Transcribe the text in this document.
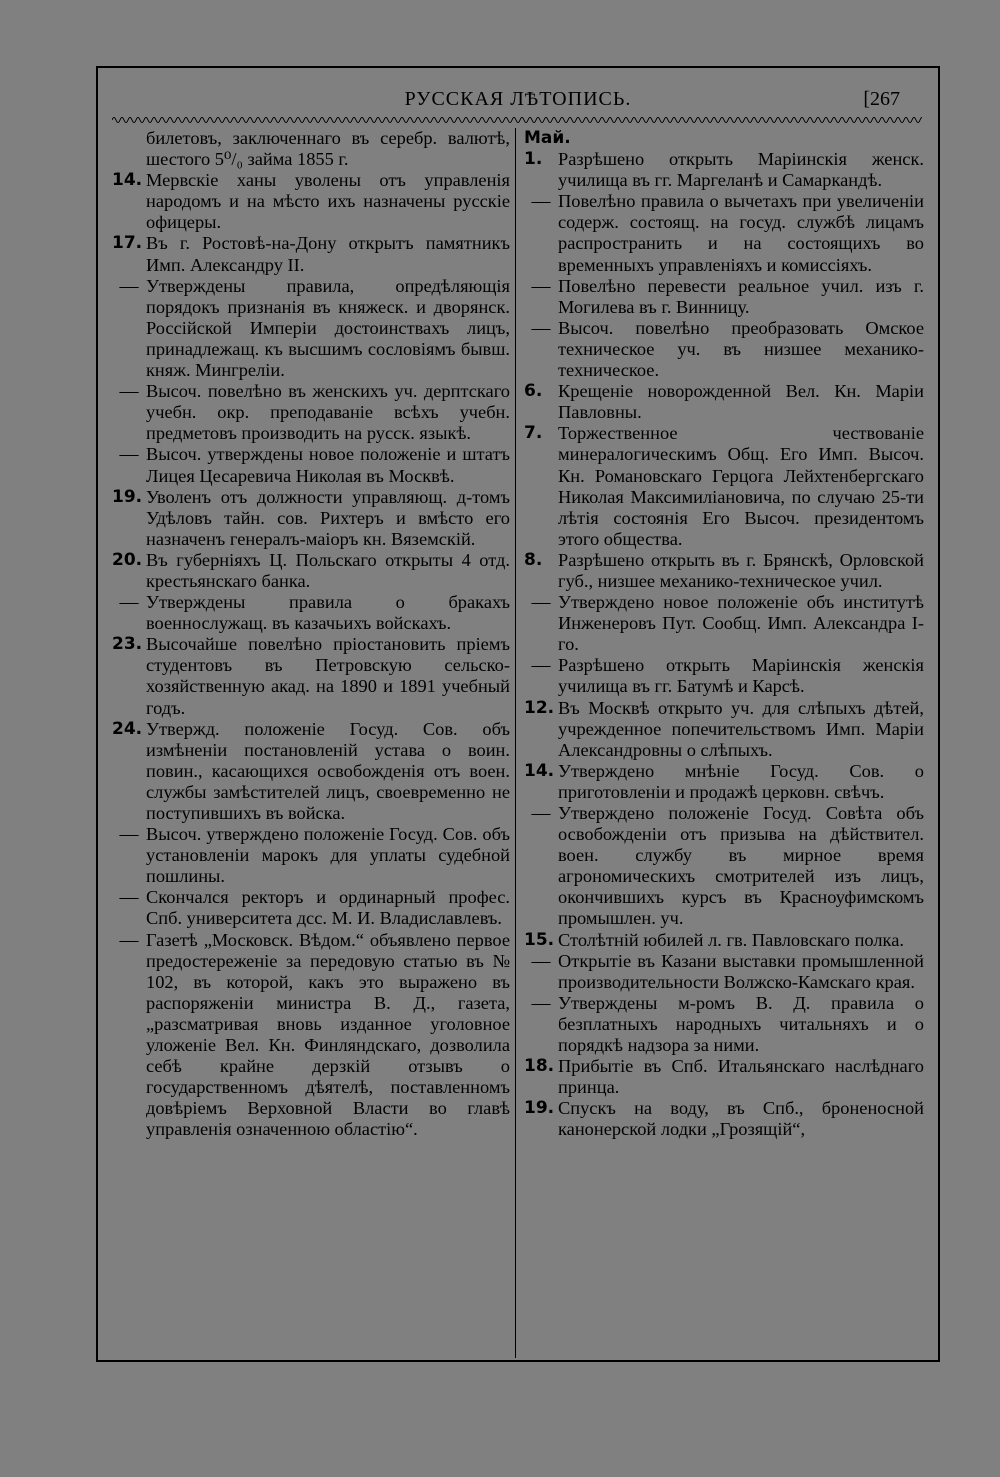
РУССКАЯ ЛѢТОПИСЬ.	[267
билетовъ, заключеннаго въ серебр. валютѣ, шестого 5⁰/₀ займа 1855 г.
14. Мервскіе ханы уволены отъ управленія народомъ и на мѣсто ихъ назначены русскіе офицеры.
17. Въ г. Ростовѣ-на-Дону открытъ памятникъ Имп. Александру II.
— Утверждены правила, опредѣляющія порядокъ признанія въ княжеск. и дворянск. Россійской Имперіи достоинствахъ лицъ, принадлежащ. къ высшимъ сословіямъ бывш. княж. Мингреліи.
— Высоч. повелѣно въ женскихъ уч. дерптскаго учебн. окр. преподаваніе всѣхъ учебн. предметовъ производить на русск. языкѣ.
— Высоч. утверждены новое положеніе и штатъ Лицея Цесаревича Николая въ Москвѣ.
19. Уволенъ отъ должности управляющ. д-томъ Удѣловъ тайн. сов. Рихтеръ и вмѣсто его назначенъ генералъ-маіоръ кн. Вяземскій.
20. Въ губерніяхъ Ц. Польскаго открыты 4 отд. крестьянскаго банка.
— Утверждены правила о бракахъ военнослужащ. въ казачьихъ войскахъ.
23. Высочайше повелѣно пріостановить пріемъ студентовъ въ Петровскую сельско-хозяйственную акад. на 1890 и 1891 учебный годъ.
24. Утвержд. положеніе Госуд. Сов. объ измѣненіи постановленій устава о воин. повин., касающихся освобожденія отъ воен. службы замѣстителей лицъ, своевременно не поступившихъ въ войска.
— Высоч. утверждено положеніе Госуд. Сов. объ установленіи марокъ для уплаты судебной пошлины.
— Скончался ректоръ и ординарный профес. Спб. университета дсс. М. И. Владиславлевъ.
— Газетѣ „Московск. Вѣдом.“ объявлено первое предостереженіе за передовую статью въ № 102, въ которой, какъ это выражено въ распоряженіи министра В. Д., газета, „разсматривая вновь изданное уголовное уложеніе Вел. Кн. Финляндскаго, дозволила себѣ крайне дерзкій отзывъ о государственномъ дѣятелѣ, поставленномъ довѣріемъ Верховной Власти во главѣ управленія означенною областію“.
Май.
1. Разрѣшено открыть Маріинскія женск. училища въ гг. Маргеланѣ и Самаркандѣ.
— Повелѣно правила о вычетахъ при увеличеніи содерж. состоящ. на госуд. службѣ лицамъ распространить и на состоящихъ во временныхъ управленіяхъ и комиссіяхъ.
— Повелѣно перевести реальное учил. изъ г. Могилева въ г. Винницу.
— Высоч. повелѣно преобразовать Омское техническое уч. въ низшее механико-техническое.
6. Крещеніе новорожденной Вел. Кн. Маріи Павловны.
7. Торжественное чествованіе минералогическимъ Общ. Его Имп. Высоч. Кн. Романовскаго Герцога Лейхтенбергскаго Николая Максимиліановича, по случаю 25-ти лѣтія состоянія Его Высоч. президентомъ этого общества.
8. Разрѣшено открыть въ г. Брянскѣ, Орловской губ., низшее механико-техническое учил.
— Утверждено новое положеніе объ институтѣ Инженеровъ Пут. Сообщ. Имп. Александра I-го.
— Разрѣшено открыть Маріинскія женскія училища въ гг. Батумѣ и Карсѣ.
12. Въ Москвѣ открыто уч. для слѣпыхъ дѣтей, учрежденное попечительствомъ Имп. Маріи Александровны о слѣпыхъ.
14. Утверждено мнѣніе Госуд. Сов. о приготовленіи и продажѣ церковн. свѣчъ.
— Утверждено положеніе Госуд. Совѣта объ освобожденіи отъ призыва на дѣйствител. воен. службу въ мирное время агрономическихъ смотрителей изъ лицъ, окончившихъ курсъ въ Красноуфимскомъ промышлен. уч.
15. Столѣтній юбилей л. гв. Павловскаго полка.
— Открытіе въ Казани выставки промышленной производительности Волжско-Камскаго края.
— Утверждены м-ромъ В. Д. правила о безплатныхъ народныхъ читальняхъ и о порядкѣ надзора за ними.
18. Прибытіе въ Спб. Итальянскаго наслѣднаго принца.
19. Спускъ на воду, въ Спб., броненосной канонерской лодки „Грозящій“,
